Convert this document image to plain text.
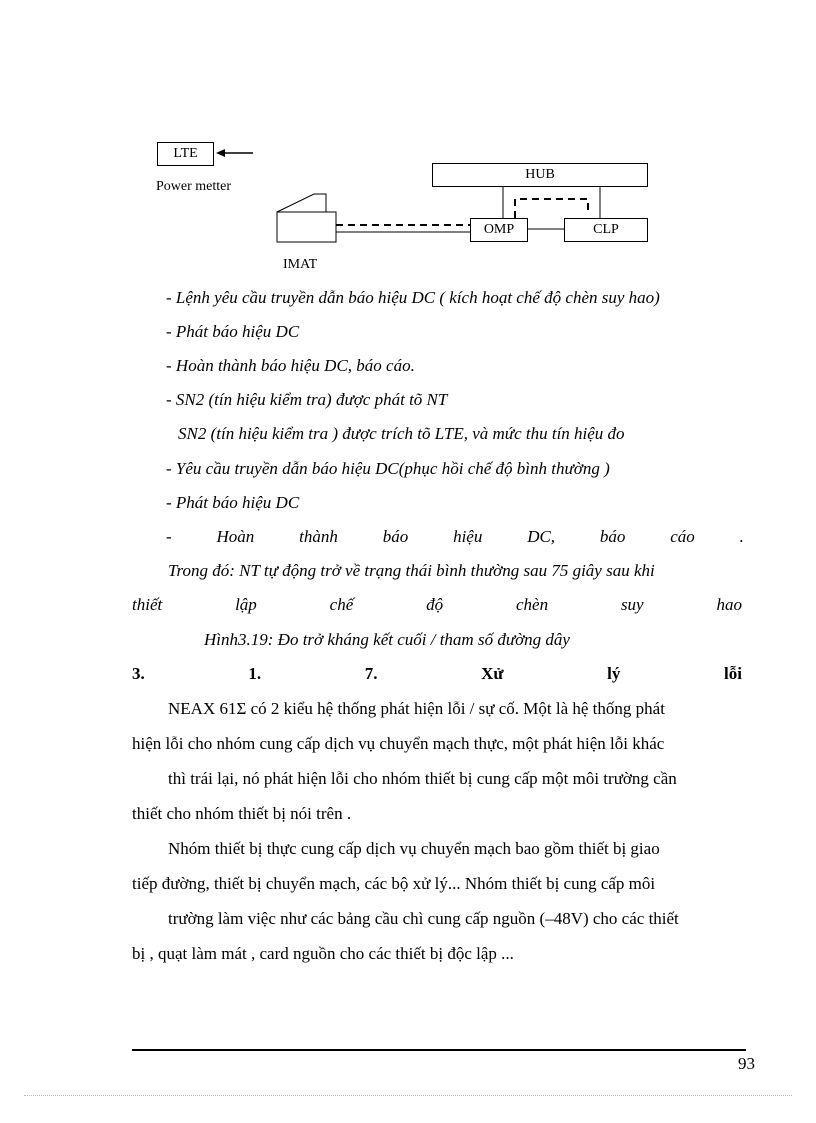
LTE
Power metter
HUB
OMP	CLP
IMAT
- Lệnh yêu cầu truyền dẫn báo hiệu DC ( kích hoạt chế độ chèn suy hao)
- Phát báo hiệu DC
- Hoàn thành báo hiệu DC, báo cáo.
- SN2 (tín hiệu kiểm tra) được phát tõ NT
SN2 (tín hiệu kiểm tra ) được trích tõ LTE, và mức thu tín hiệu đo
- Yêu cầu truyền dẫn báo hiệu DC(phục hồi chế độ bình thường )
- Phát báo hiệu DC
-	Hoàn	thành	báo	hiệu	DC,	báo	cáo	.
Trong đó: NT tự động trở về trạng thái bình thường sau 75 giây sau khi
thiết	lập	chế	độ	chèn	suy	hao
Hình3.19: Đo trở kháng kết cuối / tham số đường dây
3.	1.	7.	Xử	lý	lỗi
NEAX 61Σ có 2 kiểu hệ thống phát hiện lỗi / sự cố. Một là hệ thống phát
hiện lỗi cho nhóm cung cấp dịch vụ chuyển mạch thực, một phát hiện lỗi khác
thì trái lại, nó phát hiện lỗi cho nhóm thiết bị cung cấp một môi trường cần
thiết cho nhóm thiết bị nói trên .
Nhóm thiết bị thực cung cấp dịch vụ chuyển mạch bao gồm thiết bị giao
tiếp đường, thiết bị chuyển mạch, các bộ xử lý... Nhóm thiết bị cung cấp môi
trường làm việc như các bảng cầu chì cung cấp nguồn (–48V) cho các thiết
bị , quạt làm mát , card nguồn cho các thiết bị độc lập ...
93
